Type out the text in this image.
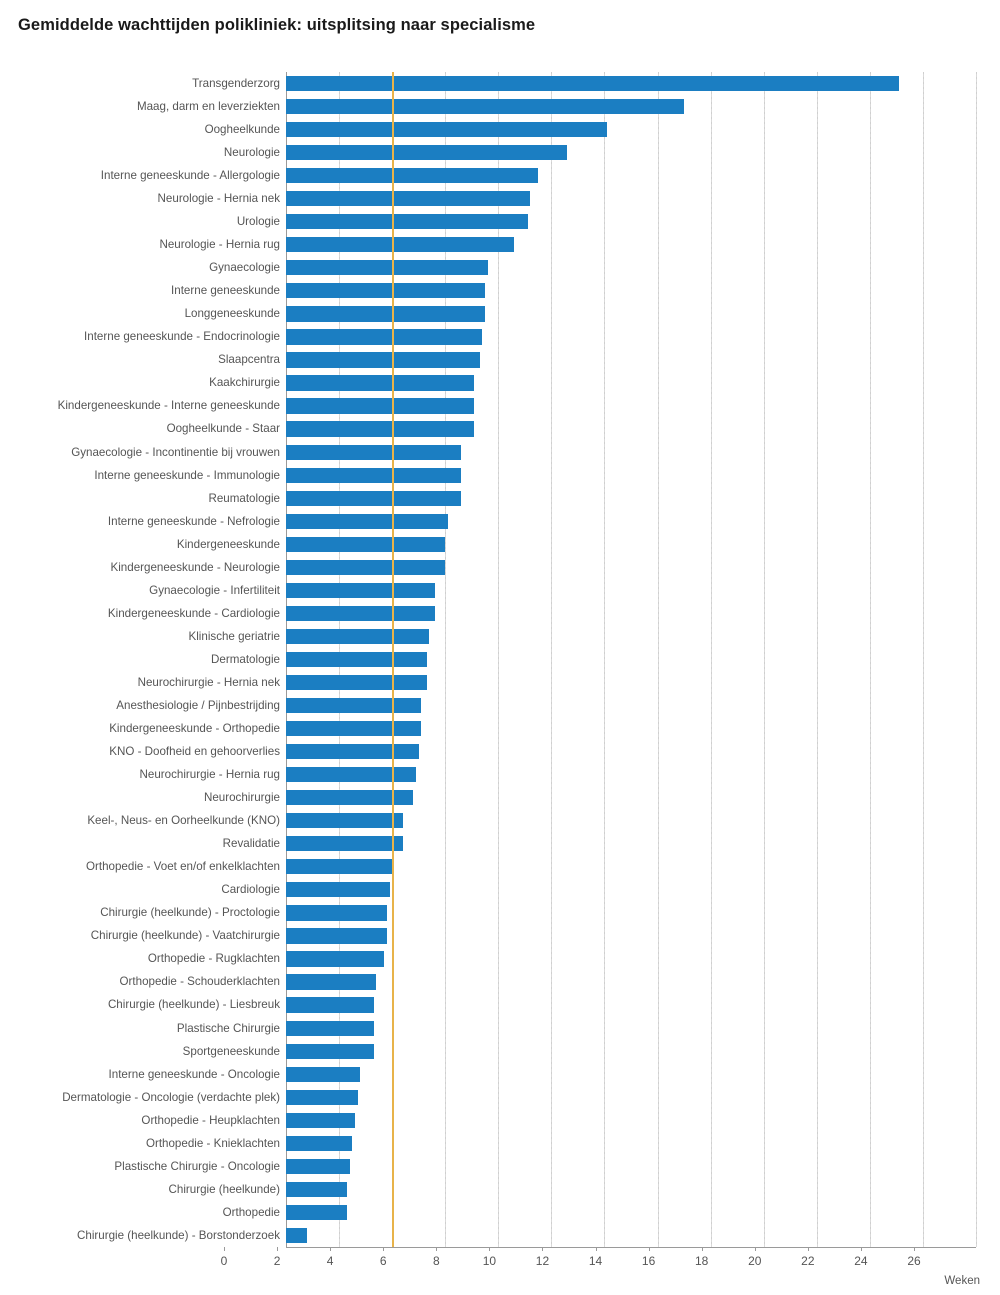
Gemiddelde wachttijden polikliniek: uitsplitsing naar specialisme
Transgenderzorg
Maag, darm en leverziekten
Oogheelkunde
Neurologie
Interne geneeskunde - Allergologie
Neurologie - Hernia nek
Urologie
Neurologie - Hernia rug
Gynaecologie
Interne geneeskunde
Longgeneeskunde
Interne geneeskunde - Endocrinologie
Slaapcentra
Kaakchirurgie
Kindergeneeskunde - Interne geneeskunde
Oogheelkunde - Staar
Gynaecologie - Incontinentie bij vrouwen
Interne geneeskunde - Immunologie
Reumatologie
Interne geneeskunde - Nefrologie
Kindergeneeskunde
Kindergeneeskunde - Neurologie
Gynaecologie - Infertiliteit
Kindergeneeskunde - Cardiologie
Klinische geriatrie
Dermatologie
Neurochirurgie - Hernia nek
Anesthesiologie / Pijnbestrijding
Kindergeneeskunde - Orthopedie
KNO - Doofheid en gehoorverlies
Neurochirurgie - Hernia rug
Neurochirurgie
Keel-, Neus- en Oorheelkunde (KNO)
Revalidatie
Orthopedie - Voet en/of enkelklachten
Cardiologie
Chirurgie (heelkunde) - Proctologie
Chirurgie (heelkunde) - Vaatchirurgie
Orthopedie - Rugklachten
Orthopedie - Schouderklachten
Chirurgie (heelkunde) - Liesbreuk
Plastische Chirurgie
Sportgeneeskunde
Interne geneeskunde - Oncologie
Dermatologie - Oncologie (verdachte plek)
Orthopedie - Heupklachten
Orthopedie - Knieklachten
Plastische Chirurgie - Oncologie
Chirurgie (heelkunde)
Orthopedie
Chirurgie (heelkunde) - Borstonderzoek
0	2	4	6	8	10	12	14	16	18	20	22	24	26
Weken
